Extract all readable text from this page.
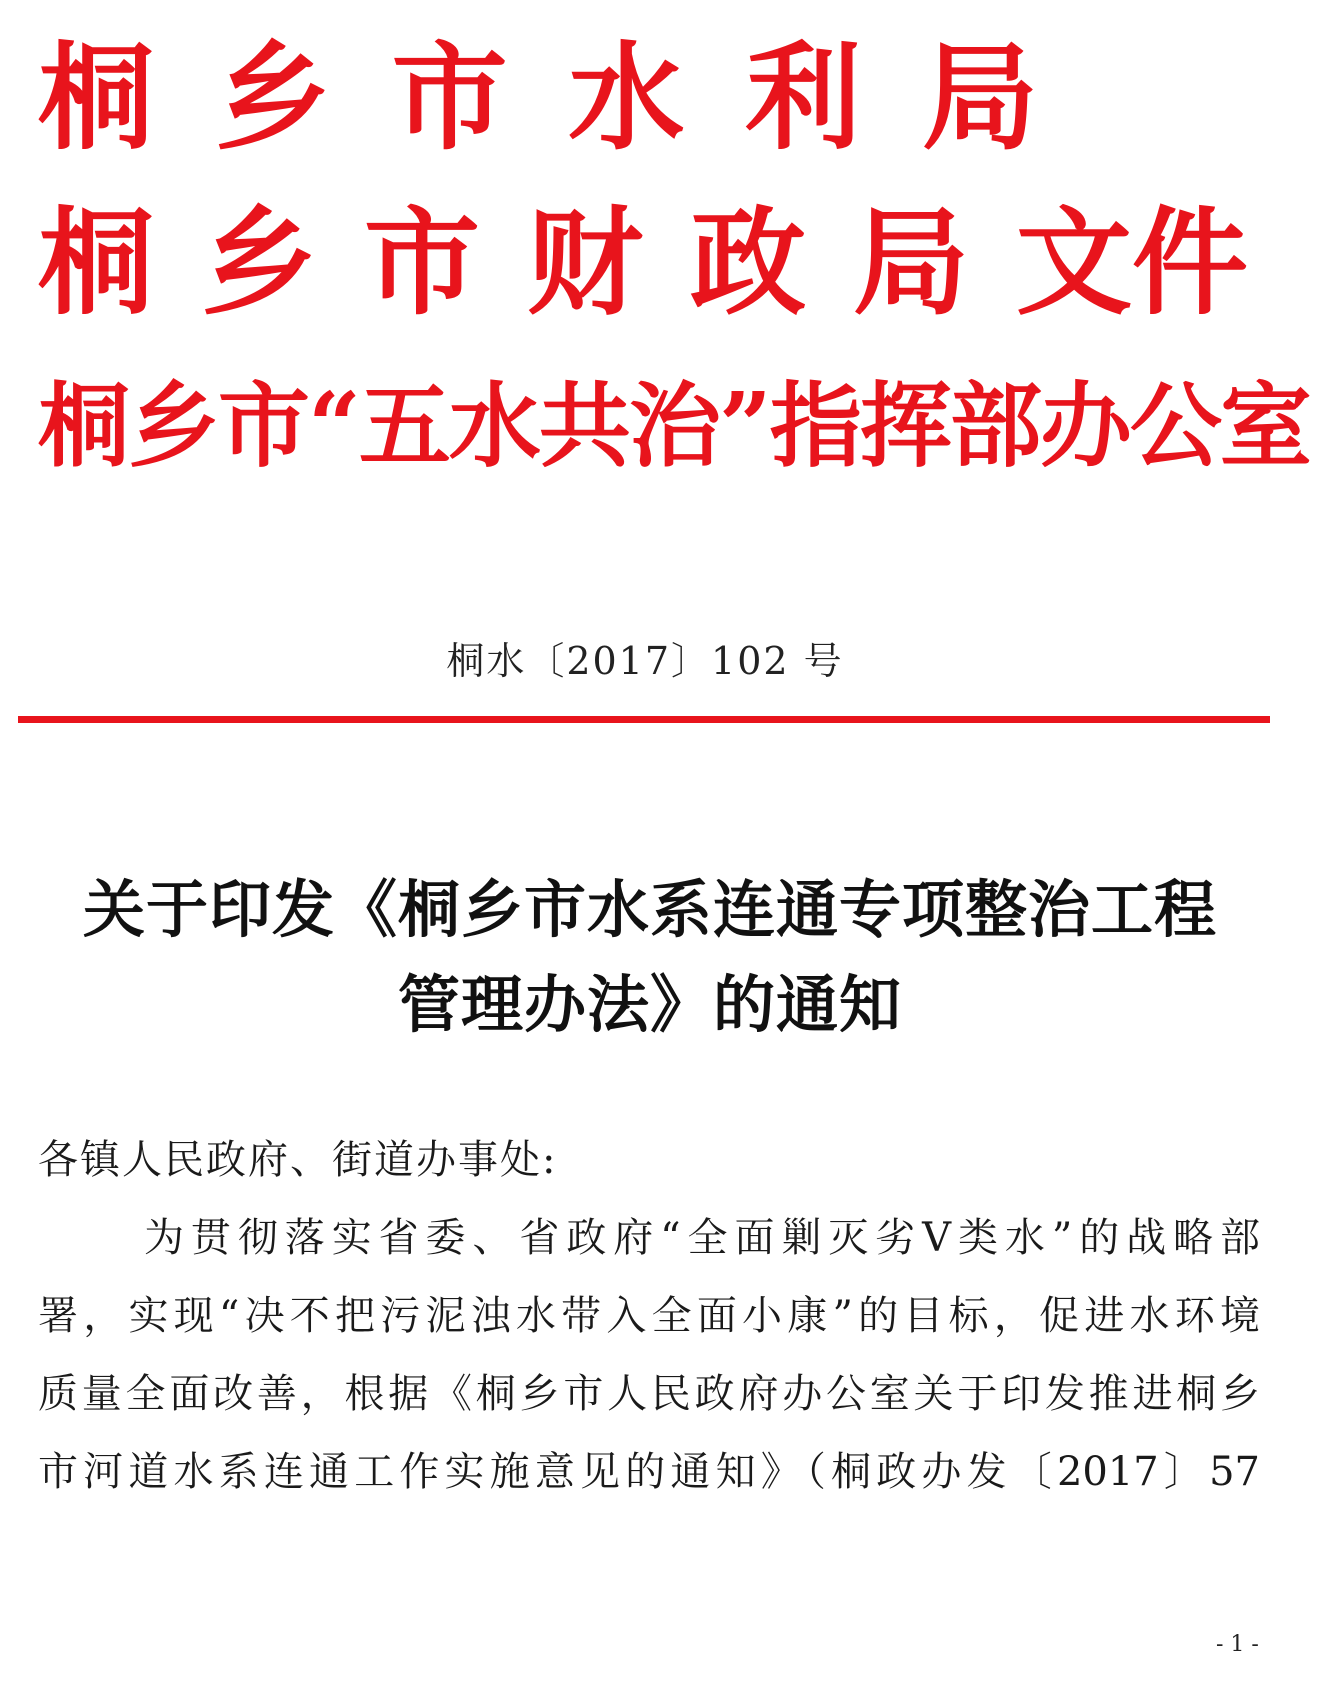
桐 乡 市 水 利 局
桐 乡 市 财 政 局 文件
桐乡市“五水共治”指挥部办公室
桐水〔2017〕102 号
关于印发《桐乡市水系连通专项整治工程
管理办法》的通知
各镇人民政府、街道办事处:
为贯彻落实省委、省政府“全面剿灭劣Ⅴ类水”的战略部
署，实现“决不把污泥浊水带入全面小康”的目标，促进水环境
质量全面改善，根据《桐乡市人民政府办公室关于印发推进桐乡
市河道水系连通工作实施意见的通知》（桐政办发〔2017〕57
- 1 -
